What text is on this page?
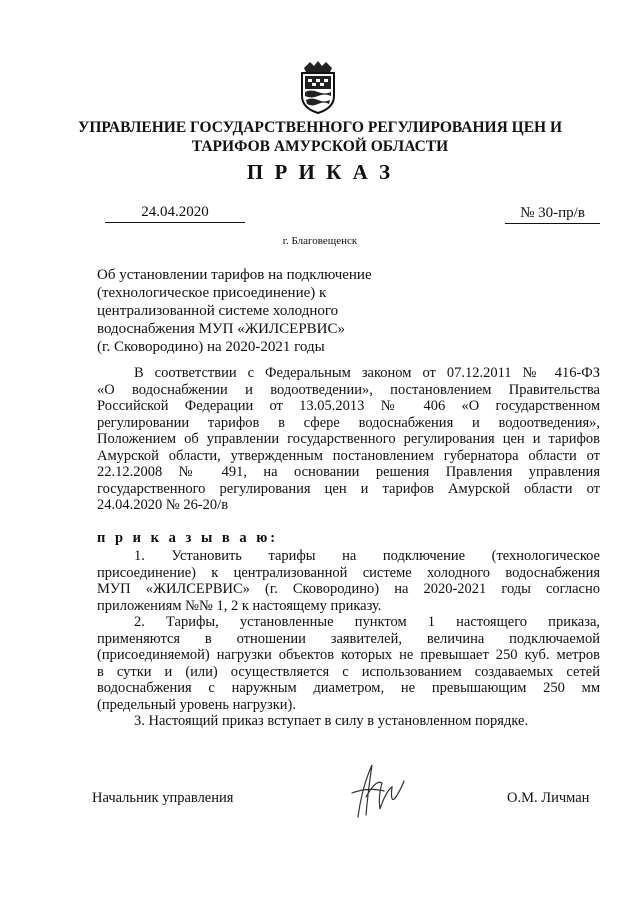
УПРАВЛЕНИЕ ГОСУДАРСТВЕННОГО РЕГУЛИРОВАНИЯ ЦЕН И
ТАРИФОВ АМУРСКОЙ ОБЛАСТИ
П Р И К А З
24.04.2020	№ 30-пр/в
г. Благовещенск
Об установлении тарифов на подключение
(технологическое присоединение) к
централизованной системе холодного
водоснабжения МУП «ЖИЛСЕРВИС»
(г. Сковородино) на 2020-2021 годы
В соответствии с Федеральным законом от 07.12.2011 № 416-ФЗ
«О водоснабжении и водоотведении», постановлением Правительства
Российской Федерации от 13.05.2013 № 406 «О государственном
регулировании тарифов в сфере водоснабжения и водоотведения»,
Положением об управлении государственного регулирования цен и тарифов
Амурской области, утвержденным постановлением губернатора области от
22.12.2008 № 491, на основании решения Правления управления
государственного регулирования цен и тарифов Амурской области от
24.04.2020 № 26-20/в
п р и к а з ы в а ю:
1. Установить тарифы на подключение (технологическое
присоединение) к централизованной системе холодного водоснабжения
МУП «ЖИЛСЕРВИС» (г. Сковородино) на 2020-2021 годы согласно
приложениям №№ 1, 2 к настоящему приказу.
2. Тарифы, установленные пунктом 1 настоящего приказа,
применяются в отношении заявителей, величина подключаемой
(присоединяемой) нагрузки объектов которых не превышает 250 куб. метров
в сутки и (или) осуществляется с использованием создаваемых сетей
водоснабжения с наружным диаметром, не превышающим 250 мм
(предельный уровень нагрузки).
3. Настоящий приказ вступает в силу в установленном порядке.
Начальник управления	О.М. Личман
